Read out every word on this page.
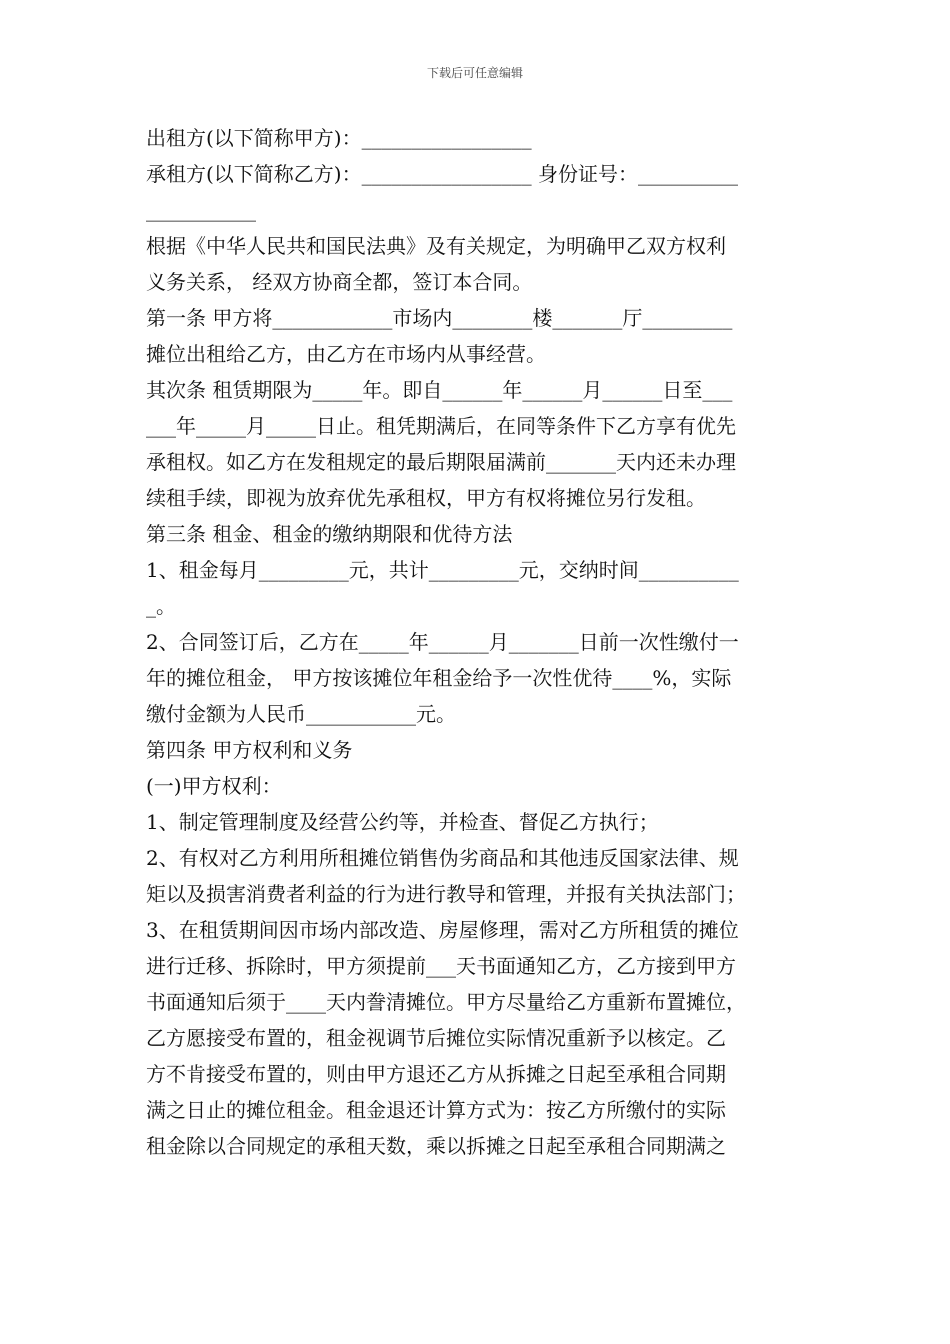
下载后可任意编辑
出租方(以下简称甲方)：_________________
承租方(以下简称乙方)：_________________ 身份证号：__________
___________
根据《中华人民共和国民法典》及有关规定，为明确甲乙双方权利
义务关系， 经双方协商全都，签订本合同。
第一条 甲方将____________市场内________楼_______厅_________
摊位出租给乙方，由乙方在市场内从事经营。
其次条 租赁期限为_____年。即自______年______月______日至___
___年_____月_____日止。租凭期满后，在同等条件下乙方享有优先
承租权。如乙方在发租规定的最后期限届满前_______天内还未办理
续租手续，即视为放弃优先承租权，甲方有权将摊位另行发租。
第三条 租金、租金的缴纳期限和优待方法
1、租金每月_________元，共计_________元，交纳时间__________
_。
2、合同签订后，乙方在_____年______月_______日前一次性缴付一
年的摊位租金， 甲方按该摊位年租金给予一次性优待____%，实际
缴付金额为人民币___________元。
第四条 甲方权利和义务
(一)甲方权利：
1、制定管理制度及经营公约等，并检查、督促乙方执行；
2、有权对乙方利用所租摊位销售伪劣商品和其他违反国家法律、规
矩以及损害消费者利益的行为进行教导和管理，并报有关执法部门；
3、在租赁期间因市场内部改造、房屋修理，需对乙方所租赁的摊位
进行迁移、拆除时，甲方须提前___天书面通知乙方，乙方接到甲方
书面通知后须于____天内誊清摊位。甲方尽量给乙方重新布置摊位，
乙方愿接受布置的，租金视调节后摊位实际情况重新予以核定。乙
方不肯接受布置的，则由甲方退还乙方从拆摊之日起至承租合同期
满之日止的摊位租金。租金退还计算方式为：按乙方所缴付的实际
租金除以合同规定的承租天数，乘以拆摊之日起至承租合同期满之
